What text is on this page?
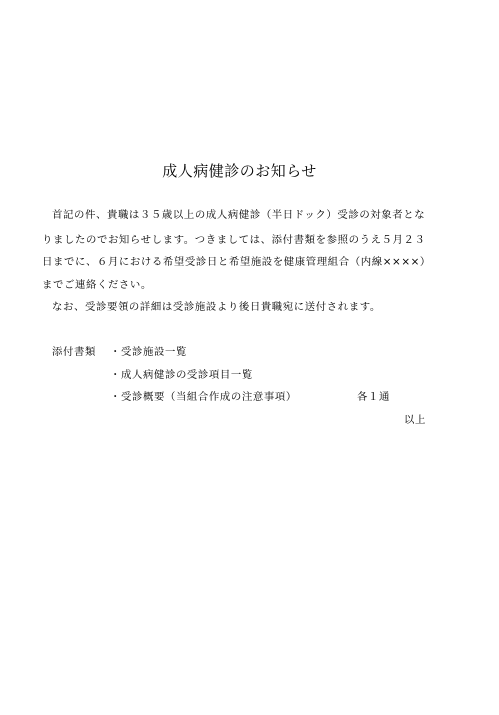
成人病健診のお知らせ
首記の件、貴職は３５歳以上の成人病健診（半日ドック）受診の対象者とな
りましたのでお知らせします。つきましては、添付書類を参照のうえ５月２３
日までに、６月における希望受診日と希望施設を健康管理組合（内線××××）
までご連絡ください。
なお、受診要領の詳細は受診施設より後日貴職宛に送付されます。
添付書類 ・受診施設一覧
・成人病健診の受診項目一覧
・受診概要（当組合作成の注意事項）	各１通
以上
